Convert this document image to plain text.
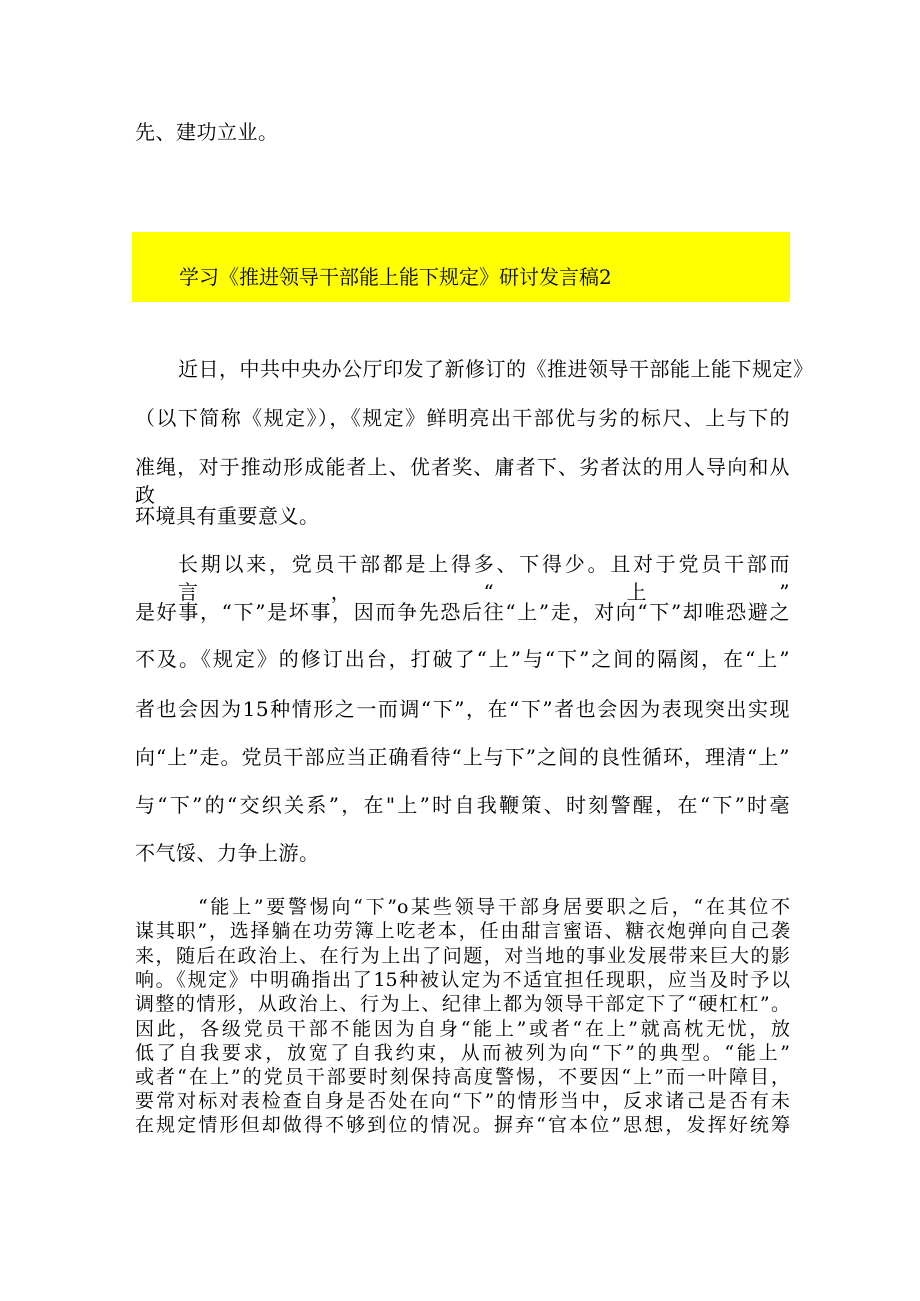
先、建功立业。
学习《推进领导干部能上能下规定》研讨发言稿2
近日，中共中央办公厅印发了新修订的《推进领导干部能上能下规定》
（以下简称《规定》），《规定》鲜明亮出干部优与劣的标尺、上与下的
准绳，对于推动形成能者上、优者奖、庸者下、劣者汰的用人导向和从政
环境具有重要意义。
长期以来，党员干部都是上得多、下得少。且对于党员干部而言，“上”
是好事，“下”是坏事，因而争先恐后往“上”走，对向“下”却唯恐避之
不及。《规定》的修订出台，打破了“上”与“下”之间的隔阂，在“上”
者也会因为15种情形之一而调“下”，在“下”者也会因为表现突出实现
向“上”走。党员干部应当正确看待“上与下”之间的良性循环，理清“上”
与“下”的“交织关系”，在"上”时自我鞭策、时刻警醒，在“下”时毫
不气馁、力争上游。
“能上”要警惕向“下”o某些领导干部身居要职之后，“在其位不
谋其职”，选择躺在功劳簿上吃老本，任由甜言蜜语、糖衣炮弹向自己袭
来，随后在政治上、在行为上出了问题，对当地的事业发展带来巨大的影
响。《规定》中明确指出了15种被认定为不适宜担任现职，应当及时予以
调整的情形，从政治上、行为上、纪律上都为领导干部定下了“硬杠杠”。
因此，各级党员干部不能因为自身“能上”或者“在上”就高枕无忧，放
低了自我要求，放宽了自我约束，从而被列为向“下”的典型。“能上”
或者“在上”的党员干部要时刻保持高度警惕，不要因“上”而一叶障目，
要常对标对表检查自身是否处在向“下”的情形当中，反求诸己是否有未
在规定情形但却做得不够到位的情况。摒弃“官本位”思想，发挥好统筹
